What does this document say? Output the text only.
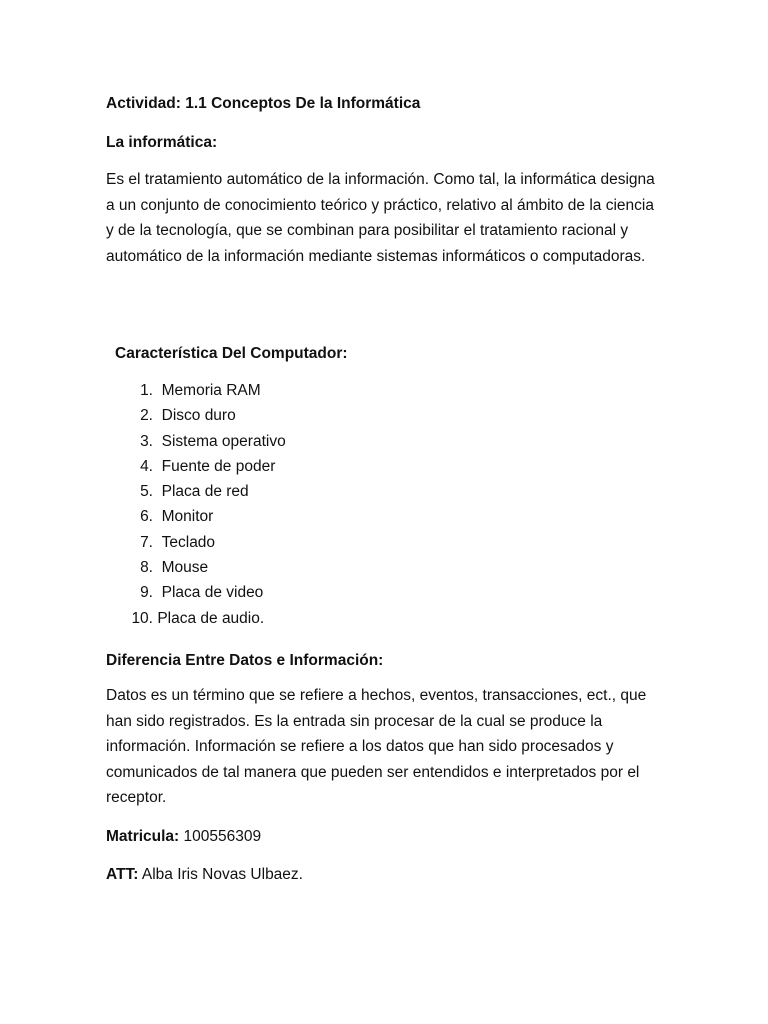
Actividad: 1.1 Conceptos De la Informática
La informática:
Es el tratamiento automático de la información. Como tal, la informática designa a un conjunto de conocimiento teórico y práctico, relativo al ámbito de la ciencia y de la tecnología, que se combinan para posibilitar el tratamiento racional y automático de la información mediante sistemas informáticos o computadoras.
Característica Del Computador:
1. Memoria RAM
2. Disco duro
3. Sistema operativo
4. Fuente de poder
5. Placa de red
6. Monitor
7. Teclado
8. Mouse
9. Placa de video
10. Placa de audio.
Diferencia Entre Datos e Información:
Datos es un término que se refiere a hechos, eventos, transacciones, ect., que han sido registrados. Es la entrada sin procesar de la cual se produce la información. Información se refiere a los datos que han sido procesados y comunicados de tal manera que pueden ser entendidos e interpretados por el receptor.
Matricula: 100556309
ATT: Alba Iris Novas Ulbaez.
